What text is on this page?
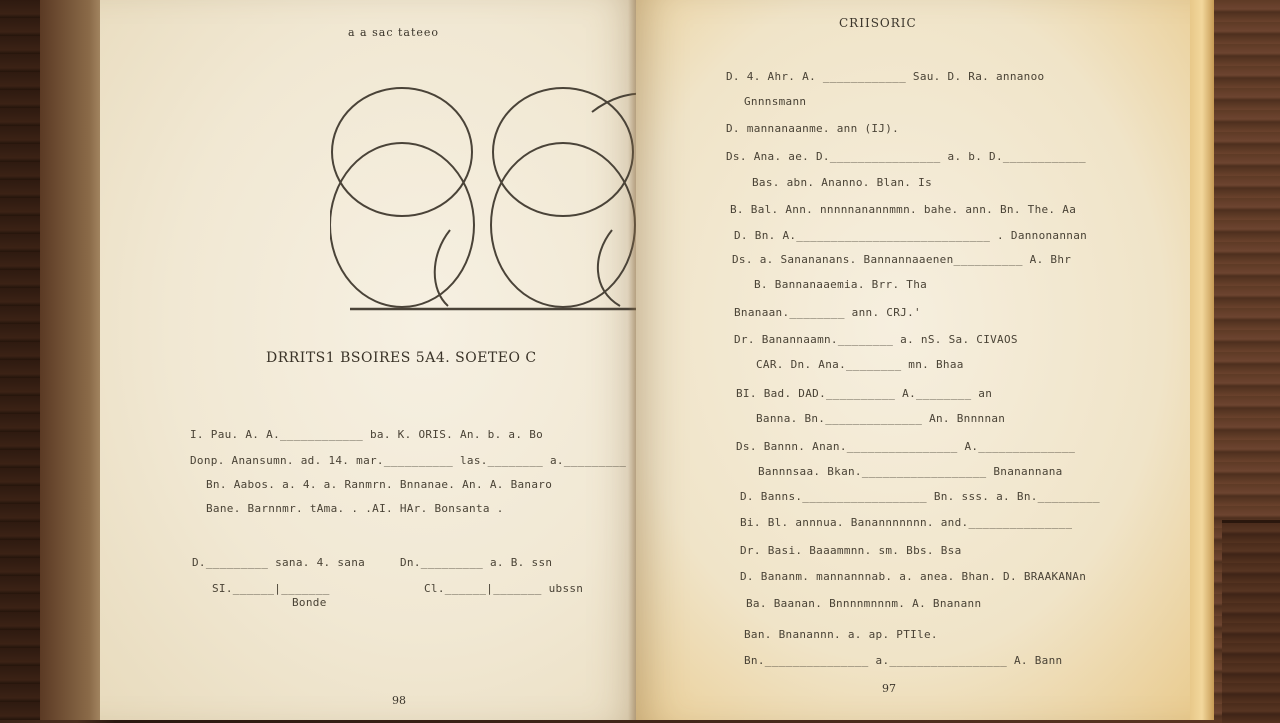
a a sac tateeo
DRRITS1 BSOIRES 5A4. SOETEO C
I. Pau. A. A.____________ ba. K. ORIS. An. b. a. Bo
Donp. Anansumn. ad. 14. mar.__________ las.________ a._________
Bn. Aabos. a. 4. a. Ranmrn. Bnnanae. An. A. Banaro
Bane. Barnnmr. tAma. . .AI. HAr. Bonsanta .
D._________ sana. 4. sana
SI.______|_______
Bonde
Dn._________ a. B. ssn
Cl.______|_______ ubssn
98
CRIISORIC
D. 4. Ahr. A. ____________ Sau. D. Ra. annanoo
Gnnnsmann
D. mannanaanme. ann (IJ).
Ds. Ana. ae. D.________________ a. b. D.____________
Bas. abn. Ananno. Blan. Is
B. Bal. Ann. nnnnnanannmmn. bahe. ann. Bn. The. Aa
D. Bn. A.____________________________ . Dannonannan
Ds. a. Sanananans. Bannannaaenen__________ A. Bhr
B. Bannanaaemia. Brr. Tha
Bnanaan.________ ann. CRJ.'
Dr. Banannaamn.________ a. nS. Sa. CIVAOS
CAR. Dn. Ana.________ mn. Bhaa
BI. Bad. DAD.__________ A.________ an
Banna. Bn.______________ An. Bnnnnan
Ds. Bannn. Anan.________________ A.______________
Bannnsaa. Bkan.__________________ Bnanannana
D. Banns.__________________ Bn. sss. a. Bn._________
Bi. Bl. annnua. Banannnnnnn. and._______________
Dr. Basi. Baaammnn. sm. Bbs. Bsa
D. Bananm. mannannnab. a. anea. Bhan. D. BRAAKANAn
Ba. Baanan. Bnnnnmnnnm. A. Bnanann
Ban. Bnanannn. a. ap. PTIle.
Bn._______________ a._________________ A. Bann
97
